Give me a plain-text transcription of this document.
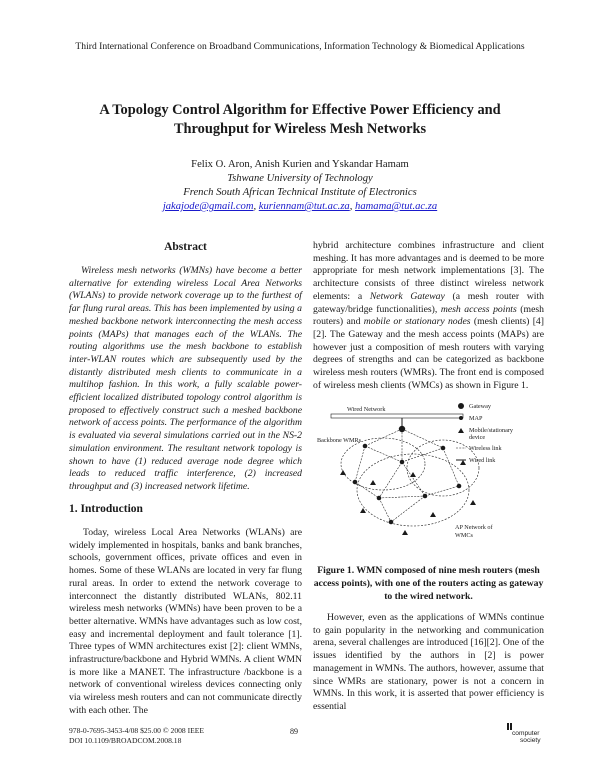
Third International Conference on Broadband Communications, Information Technology & Biomedical Applications
A Topology Control Algorithm for Effective Power Efficiency and
Throughput for Wireless Mesh Networks
Felix O. Aron, Anish Kurien and Yskandar Hamam
Tshwane University of Technology
French South African Technical Institute of Electronics
jakajode@gmail.com, kuriennam@tut.ac.za, hamama@tut.ac.za
Abstract
Wireless mesh networks (WMNs) have become a better alternative for extending wireless Local Area Networks (WLANs) to provide network coverage up to the furthest of far flung rural areas. This has been implemented by using a meshed backbone network interconnecting the mesh access points (MAPs) that manages each of the WLANs. The routing algorithms use the mesh backbone to establish inter-WLAN routes which are subsequently used by the distantly distributed mesh clients to communicate in a multihop fashion. In this work, a fully scalable power-efficient localized distributed topology control algorithm is proposed to effectively construct such a meshed backbone network of access points. The performance of the algorithm is evaluated via several simulations carried out in the NS-2 simulation environment. The resultant network topology is shown to have (1) reduced average node degree which leads to reduced traffic interference, (2) increased throughput and (3) increased network lifetime.
1. Introduction
Today, wireless Local Area Networks (WLANs) are widely implemented in hospitals, banks and bank branches, schools, government offices, private offices and even in homes. Some of these WLANs are located in very far flung rural areas. In order to extend the network coverage to interconnect the distantly distributed WLANs, 802.11 wireless mesh networks (WMNs) have been proven to be a better alternative. WMNs have advantages such as low cost, easy and incremental deployment and fault tolerance [1]. Three types of WMN architectures exist [2]: client WMNs, infrastructure/backbone and Hybrid WMNs. A client WMN is more like a MANET. The infrastructure /backbone is a network of conventional wireless devices connecting only via wireless mesh routers and can not communicate directly with each other. The
hybrid architecture combines infrastructure and client meshing. It has more advantages and is deemed to be more appropriate for mesh network implementations [3]. The architecture consists of three distinct wireless network elements: a Network Gateway (a mesh router with gateway/bridge functionalities), mesh access points (mesh routers) and mobile or stationary nodes (mesh clients) [4][2]. The Gateway and the mesh access points (MAPs) are however just a composition of mesh routers with varying degrees of strengths and can be categorized as backbone wireless mesh routers (WMRs). The front end is composed of wireless mesh clients (WMCs) as shown in Figure 1.
Wired Network
Backbone WMRs
Gateway
MAP
Mobile/stationary
device
Wireless link
Wired link
AP Network of
WMCs
Figure 1. WMN composed of nine mesh routers (mesh access points), with one of the routers acting as gateway to the wired network.
However, even as the applications of WMNs continue to gain popularity in the networking and communication arena, several challenges are introduced [16][2]. One of the issues identified by the authors in [2] is power management in WMNs. The authors, however, assume that since WMRs are stationary, power is not a concern in WMNs. In this work, it is asserted that power efficiency is essential
978-0-7695-3453-4/08 $25.00 © 2008 IEEE
DOI 10.1109/BROADCOM.2008.18
89	computer
society
